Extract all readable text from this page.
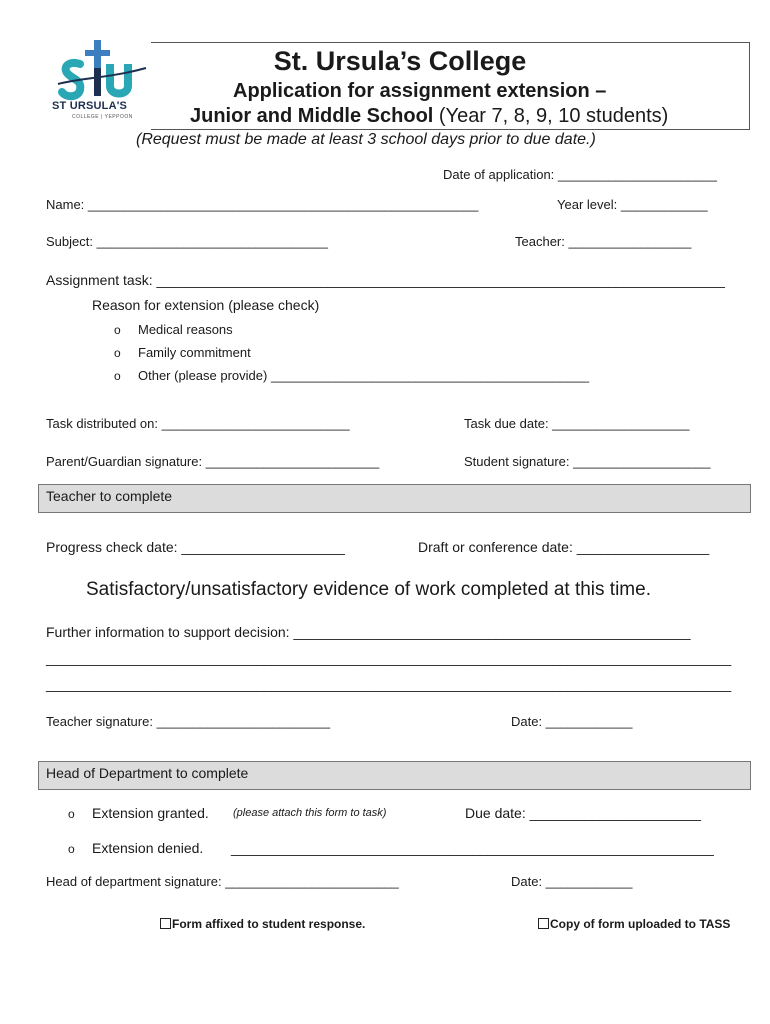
ST URSULA'S
COLLEGE | YEPPOON
St. Ursula’s College
Application for assignment extension –
Junior and Middle School (Year 7, 8, 9, 10 students)
(Request must be made at least 3 school days prior to due date.)
Date of application: ______________________
Name: ______________________________________________________	Year level: ____________
Subject: ________________________________	Teacher: _________________
Assignment task: _________________________________________________________________________
Reason for extension (please check)
o Medical reasons
o Family commitment
o Other (please provide) ____________________________________________
Task distributed on: __________________________	Task due date: ___________________
Parent/Guardian signature: ________________________	Student signature: ___________________
Teacher to complete
Progress check date: _____________________	Draft or conference date: _________________
Satisfactory/unsatisfactory evidence of work completed at this time.
Further information to support decision: ___________________________________________________
________________________________________________________________________________________
________________________________________________________________________________________
Teacher signature: ________________________	Date: ____________
Head of Department to complete
o Extension granted. (please attach this form to task)	Due date: ______________________
o Extension denied. ______________________________________________________________
Head of department signature: ________________________	Date: ____________
Form affixed to student response.	Copy of form uploaded to TASS
